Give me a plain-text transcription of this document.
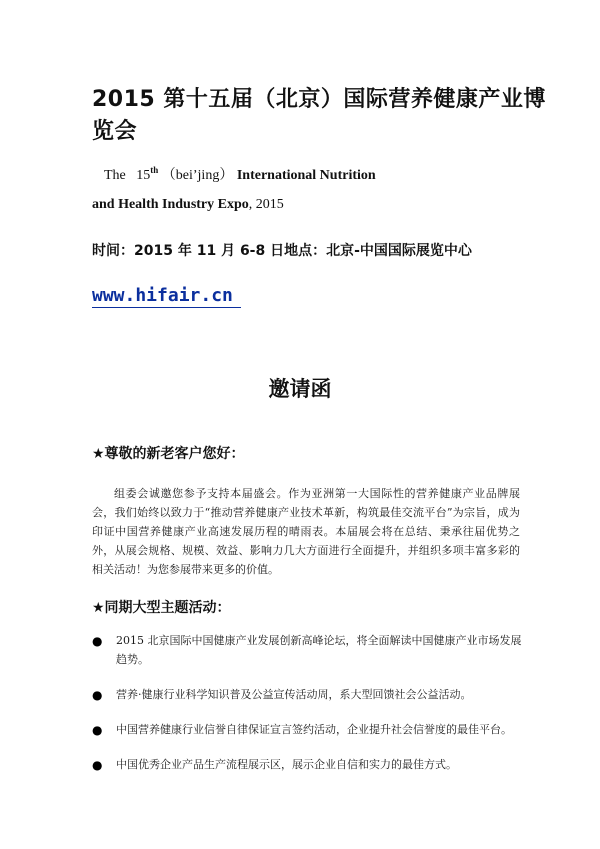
2015 第十五届（北京）国际营养健康产业博览会

The 15th （bei’jing） International Nutrition

and Health Industry Expo, 2015

时间：2015 年 11 月 6-8 日地点：北京-中国国际展览中心

www.hifair.cn
邀请函

★尊敬的新老客户您好：

组委会诚邀您参予支持本届盛会。作为亚洲第一大国际性的营养健康产业品牌展会，我们始终以致力于“推动营养健康产业技术革新，构筑最佳交流平台”为宗旨，成为印证中国营养健康产业高速发展历程的晴雨表。本届展会将在总结、秉承往届优势之外，从展会规格、规模、效益、影响力几大方面进行全面提升，并组织多项丰富多彩的相关活动！为您参展带来更多的价值。

★同期大型主题活动：

● 2015 北京国际中国健康产业发展创新高峰论坛，将全面解读中国健康产业市场发展趋势。
● 营养·健康行业科学知识普及公益宣传活动周，系大型回馈社会公益活动。
● 中国营养健康行业信誉自律保证宣言签约活动，企业提升社会信誉度的最佳平台。
● 中国优秀企业产品生产流程展示区，展示企业自信和实力的最佳方式。
